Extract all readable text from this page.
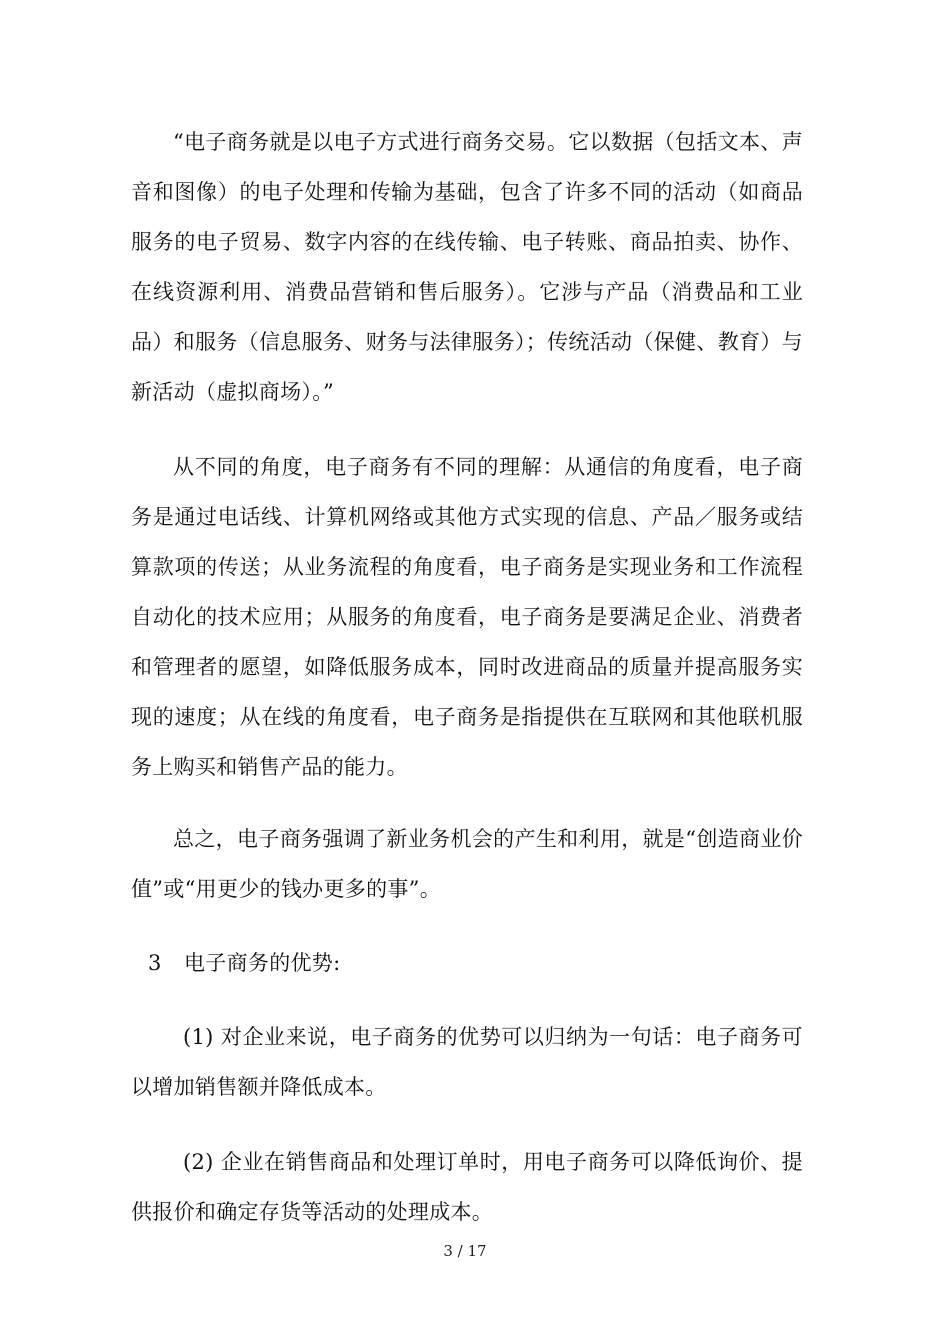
“电子商务就是以电子方式进行商务交易。它以数据（包括文本、声音和图像）的电子处理和传输为基础，包含了许多不同的活动（如商品服务的电子贸易、数字内容的在线传输、电子转账、商品拍卖、协作、在线资源利用、消费品营销和售后服务）。它涉与产品（消费品和工业品）和服务（信息服务、财务与法律服务）；传统活动（保健、教育）与新活动（虚拟商场）。”

从不同的角度，电子商务有不同的理解：从通信的角度看，电子商务是通过电话线、计算机网络或其他方式实现的信息、产品／服务或结算款项的传送；从业务流程的角度看，电子商务是实现业务和工作流程自动化的技术应用；从服务的角度看，电子商务是要满足企业、消费者和管理者的愿望，如降低服务成本，同时改进商品的质量并提高服务实现的速度；从在线的角度看，电子商务是指提供在互联网和其他联机服务上购买和销售产品的能力。

总之，电子商务强调了新业务机会的产生和利用，就是“创造商业价值”或“用更少的钱办更多的事”。

3 电子商务的优势:

(1) 对企业来说，电子商务的优势可以归纳为一句话：电子商务可以增加销售额并降低成本。

(2) 企业在销售商品和处理订单时，用电子商务可以降低询价、提供报价和确定存货等活动的处理成本。

3 / 17
